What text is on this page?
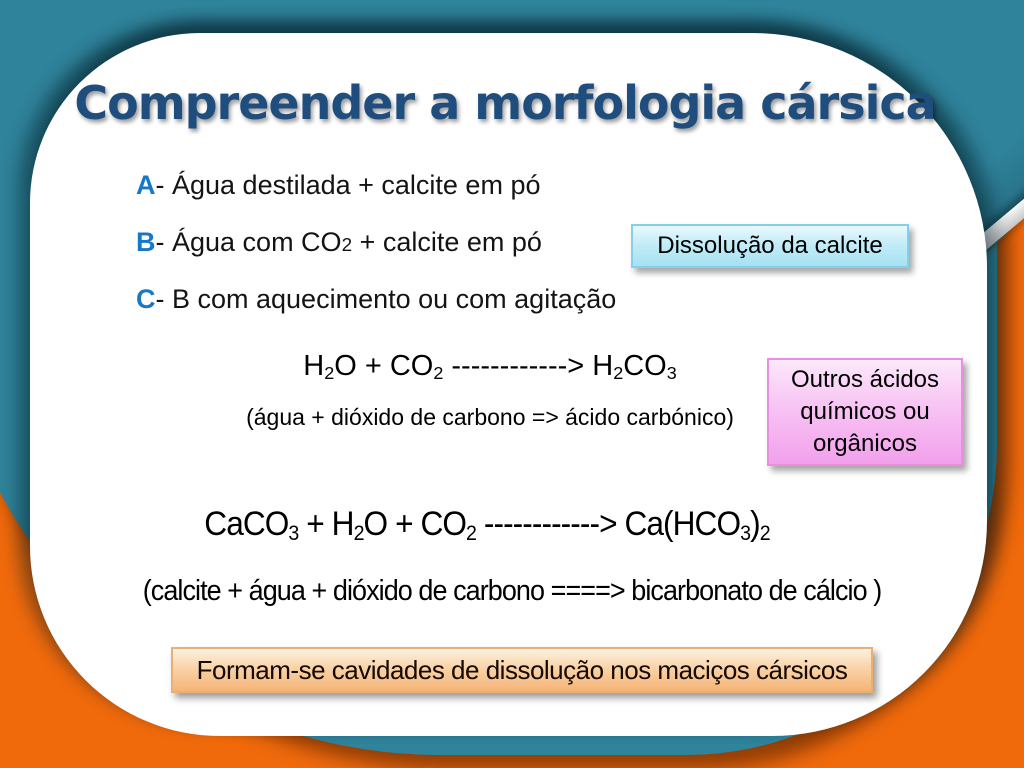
Compreender a morfologia cársica
A- Água destilada + calcite em pó
B- Água com CO2 + calcite em pó
C- B com aquecimento ou com agitação
Dissolução da calcite
$H_2O + CO_2$ ------------> $H_2CO_3$
(água + dióxido de carbono => ácido carbónico)
Outros ácidos químicos ou orgânicos
CaCO$_3$ + $H_2O + CO_2$ ------------> $Ca(HCO_3)_2$
(calcite + água + dióxido de carbono ====> bicarbonato de cálcio )
Formam-se cavidades de dissolução nos maciços cársicos
